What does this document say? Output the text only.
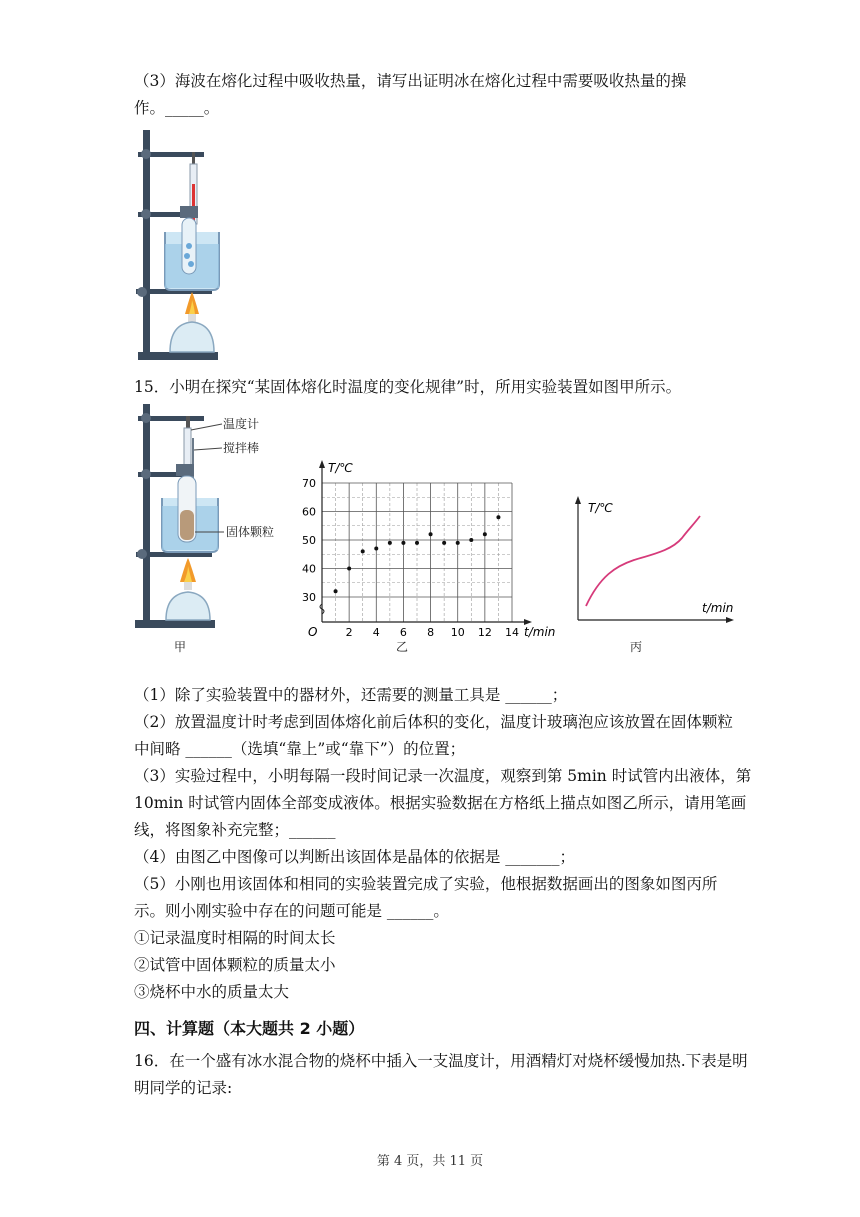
（3）海波在熔化过程中吸收热量，请写出证明冰在熔化过程中需要吸收热量的操
作。_____。
15．小明在探究“某固体熔化时温度的变化规律”时，所用实验装置如图甲所示。
温度计
搅拌棒
固体颗粒
甲
30
40
50
60
70
2 4 6 8 10 12 14
T/℃
t/min
O
乙
T/℃
t/min
丙
（1）除了实验装置中的器材外，还需要的测量工具是 ______；
（2）放置温度计时考虑到固体熔化前后体积的变化，温度计玻璃泡应该放置在固体颗粒
中间略 ______（选填“靠上”或“靠下”）的位置；
（3）实验过程中，小明每隔一段时间记录一次温度，观察到第 5min 时试管内出液体，第
10min 时试管内固体全部变成液体。根据实验数据在方格纸上描点如图乙所示，请用笔画
线，将图象补充完整；______
（4）由图乙中图像可以判断出该固体是晶体的依据是 _______；
（5）小刚也用该固体和相同的实验装置完成了实验，他根据数据画出的图象如图丙所
示。则小刚实验中存在的问题可能是 ______。
①记录温度时相隔的时间太长
②试管中固体颗粒的质量太小
③烧杯中水的质量太大
四、计算题（本大题共 2 小题）
16．在一个盛有冰水混合物的烧杯中插入一支温度计，用酒精灯对烧杯缓慢加热.下表是明
明同学的记录:
第 4 页，共 11 页
